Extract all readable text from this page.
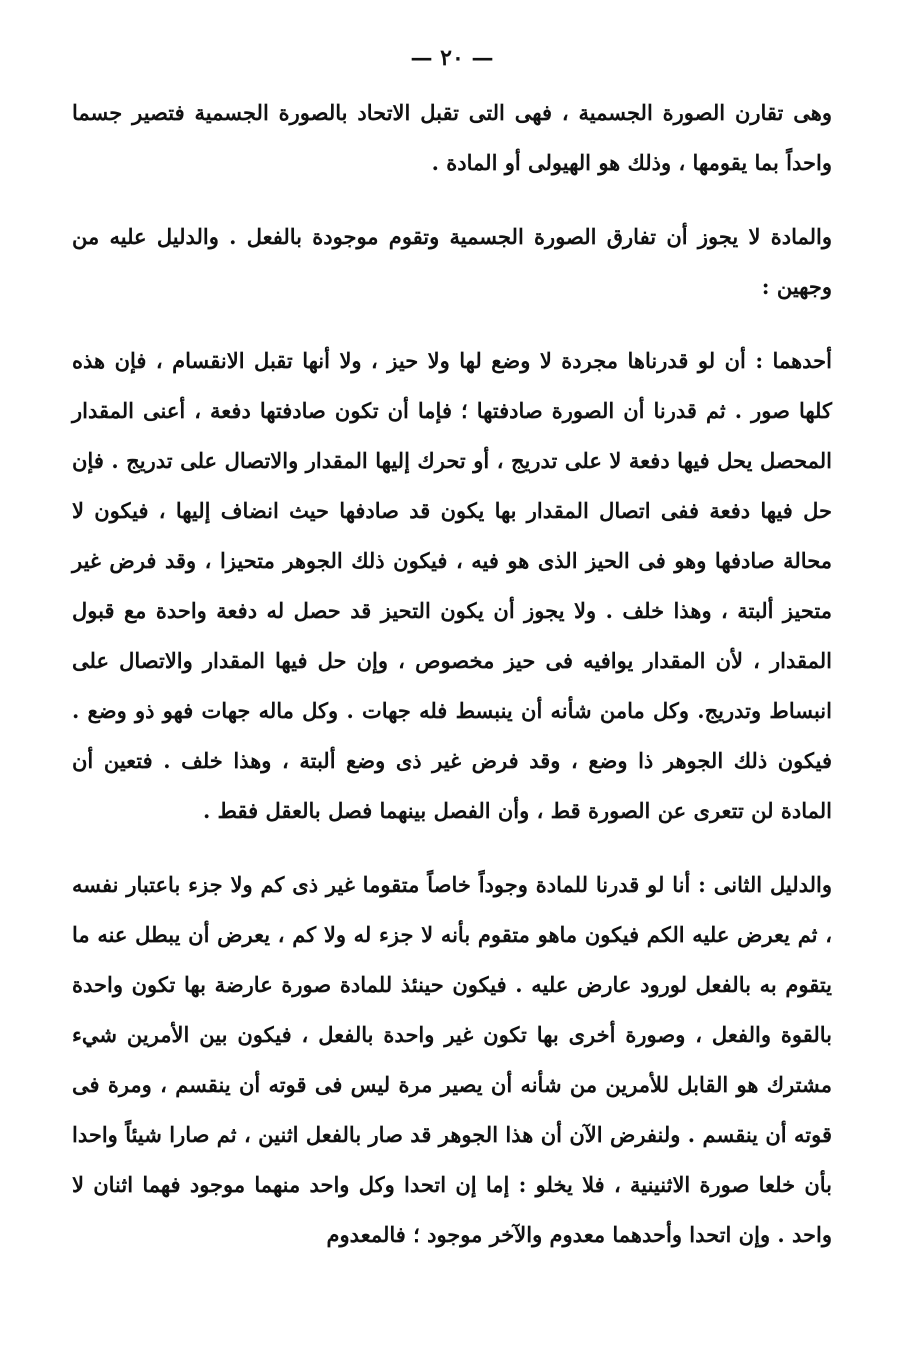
— ٢٠ —

وهى تقارن الصورة الجسمية ، فهى التى تقبل الاتحاد بالصورة الجسمية فتصير جسما واحداً بما يقومها ، وذلك هو الهيولى أو المادة .

والمادة لا يجوز أن تفارق الصورة الجسمية وتقوم موجودة بالفعل . والدليل عليه من وجهين :

أحدهما : أن لو قدرناها مجردة لا وضع لها ولا حيز ، ولا أنها تقبل الانقسام ، فإن هذه كلها صور . ثم قدرنا أن الصورة صادفتها ؛ فإما أن تكون صادفتها دفعة ، أعنى المقدار المحصل يحل فيها دفعة لا على تدريج ، أو تحرك إليها المقدار والاتصال على تدريج . فإن حل فيها دفعة ففى اتصال المقدار بها يكون قد صادفها حيث انضاف إليها ، فيكون لا محالة صادفها وهو فى الحيز الذى هو فيه ، فيكون ذلك الجوهر متحيزا ، وقد فرض غير متحيز ألبتة ، وهذا خلف . ولا يجوز أن يكون التحيز قد حصل له دفعة واحدة مع قبول المقدار ، لأن المقدار يوافيه فى حيز مخصوص ، وإن حل فيها المقدار والاتصال على انبساط وتدريج. وكل مامن شأنه أن ينبسط فله جهات . وكل ماله جهات فهو ذو وضع . فيكون ذلك الجوهر ذا وضع ، وقد فرض غير ذى وضع ألبتة ، وهذا خلف . فتعين أن المادة لن تتعرى عن الصورة قط ، وأن الفصل بينهما فصل بالعقل فقط .

والدليل الثانى : أنا لو قدرنا للمادة وجوداً خاصاً متقوما غير ذى كم ولا جزء باعتبار نفسه ، ثم يعرض عليه الكم فيكون ماهو متقوم بأنه لا جزء له ولا كم ، يعرض أن يبطل عنه ما يتقوم به بالفعل لورود عارض عليه . فيكون حينئذ للمادة صورة عارضة بها تكون واحدة بالقوة والفعل ، وصورة أخرى بها تكون غير واحدة بالفعل ، فيكون بين الأمرين شيء مشترك هو القابل للأمرين من شأنه أن يصير مرة ليس فى قوته أن ينقسم ، ومرة فى قوته أن ينقسم . ولنفرض الآن أن هذا الجوهر قد صار بالفعل اثنين ، ثم صارا شيئاً واحدا بأن خلعا صورة الاثنينية ، فلا يخلو : إما إن اتحدا وكل واحد منهما موجود فهما اثنان لا واحد . وإن اتحدا وأحدهما معدوم والآخر موجود ؛ فالمعدوم
